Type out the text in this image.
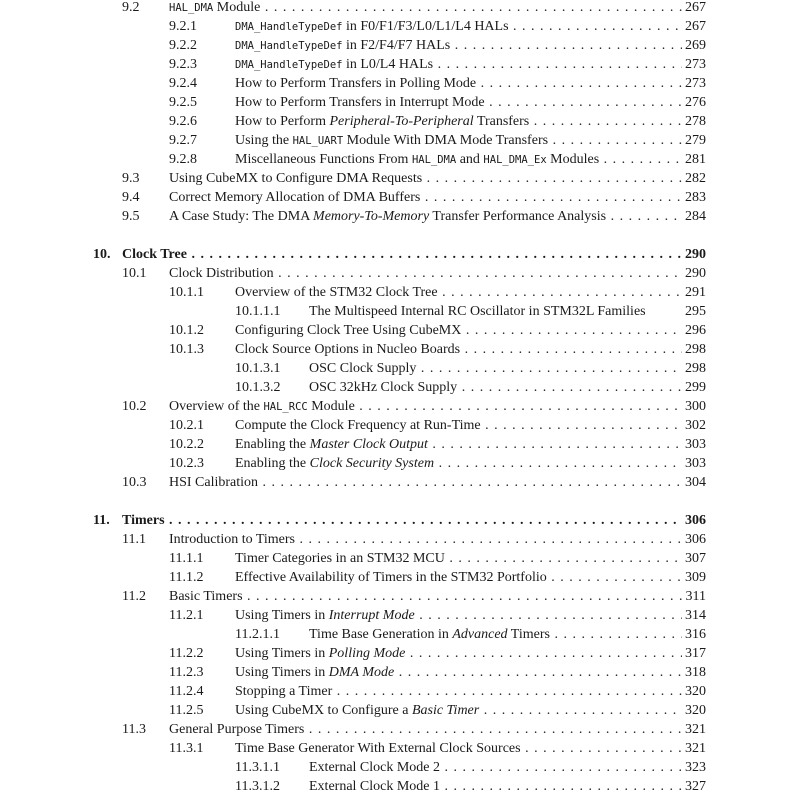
9.2	HAL_DMA Module . . .	267
9.2.1	DMA_HandleTypeDef in F0/F1/F3/L0/L1/L4 HALs . . .	267
9.2.2	DMA_HandleTypeDef in F2/F4/F7 HALs . . .	269
9.2.3	DMA_HandleTypeDef in L0/L4 HALs . . .	273
9.2.4	How to Perform Transfers in Polling Mode . . .	273
9.2.5	How to Perform Transfers in Interrupt Mode . . .	276
9.2.6	How to Perform Peripheral-To-Peripheral Transfers . . .	278
9.2.7	Using the HAL_UART Module With DMA Mode Transfers . . .	279
9.2.8	Miscellaneous Functions From HAL_DMA and HAL_DMA_Ex Modules . . .	281
9.3 Using CubeMX to Configure DMA Requests . . .	282
9.4 Correct Memory Allocation of DMA Buffers . . .	283
9.5 A Case Study: The DMA Memory-To-Memory Transfer Performance Analysis . . .	284
10. Clock Tree . . .	290
10.1 Clock Distribution . . .	290
10.1.1 Overview of the STM32 Clock Tree . . .	291
10.1.1.1 The Multispeed Internal RC Oscillator in STM32L Families	295
10.1.2 Configuring Clock Tree Using CubeMX . . .	296
10.1.3 Clock Source Options in Nucleo Boards . . .	298
10.1.3.1 OSC Clock Supply . . .	298
10.1.3.2 OSC 32kHz Clock Supply . . .	299
10.2 Overview of the HAL_RCC Module . . .	300
10.2.1 Compute the Clock Frequency at Run-Time . . .	302
10.2.2 Enabling the Master Clock Output . . .	303
10.2.3 Enabling the Clock Security System . . .	303
10.3 HSI Calibration . . .	304
11. Timers . . .	306
11.1 Introduction to Timers . . .	306
11.1.1 Timer Categories in an STM32 MCU . . .	307
11.1.2 Effective Availability of Timers in the STM32 Portfolio . . .	309
11.2 Basic Timers . . .	311
11.2.1 Using Timers in Interrupt Mode . . .	314
11.2.1.1 Time Base Generation in Advanced Timers . . .	316
11.2.2 Using Timers in Polling Mode . . .	317
11.2.3 Using Timers in DMA Mode . . .	318
11.2.4 Stopping a Timer . . .	320
11.2.5 Using CubeMX to Configure a Basic Timer . . .	320
11.3 General Purpose Timers . . .	321
11.3.1 Time Base Generator With External Clock Sources . . .	321
11.3.1.1 External Clock Mode 2 . . .	323
11.3.1.2 External Clock Mode 1 . . .	327
